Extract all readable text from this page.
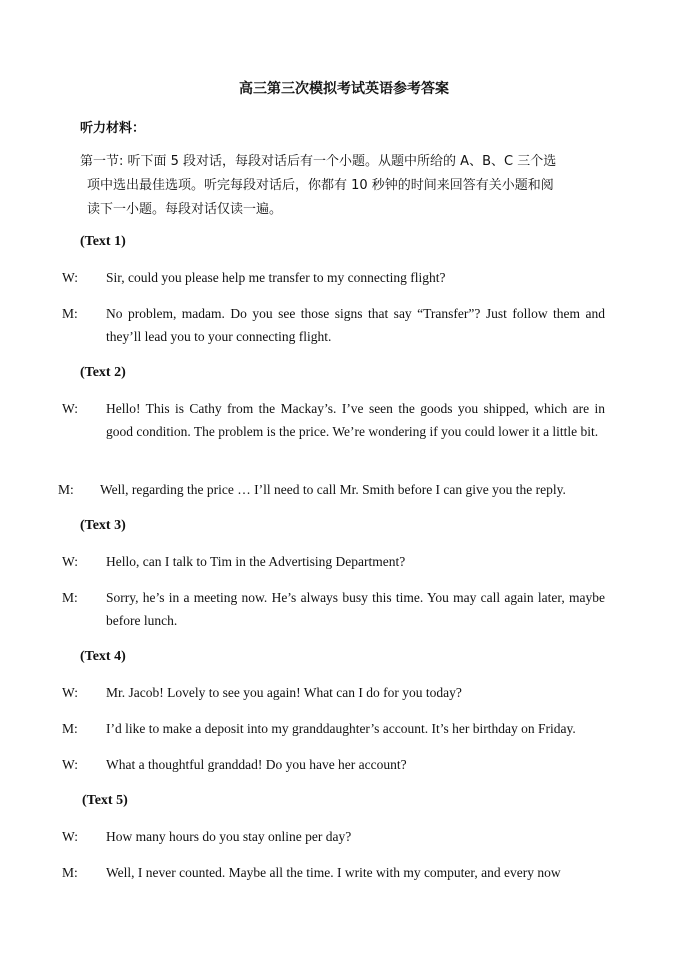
高三第三次模拟考试英语参考答案
听力材料：
第一节: 听下面 5 段对话，每段对话后有一个小题。从题中所给的 A、B、C 三个选
项中选出最佳选项。听完每段对话后，你都有 10 秒钟的时间来回答有关小题和阅
读下一小题。每段对话仅读一遍。
(Text 1)
W: Sir, could you please help me transfer to my connecting flight?
M: No problem, madam. Do you see those signs that say “Transfer”? Just follow them and they’ll lead you to your connecting flight.
(Text 2)
W: Hello! This is Cathy from the Mackay’s. I’ve seen the goods you shipped, which are in good condition. The problem is the price. We’re wondering if you could lower it a little bit.
M: Well, regarding the price … I’ll need to call Mr. Smith before I can give you the reply.
(Text 3)
W: Hello, can I talk to Tim in the Advertising Department?
M: Sorry, he’s in a meeting now. He’s always busy this time. You may call again later, maybe before lunch.
(Text 4)
W: Mr. Jacob! Lovely to see you again! What can I do for you today?
M: I’d like to make a deposit into my granddaughter’s account. It’s her birthday on Friday.
W: What a thoughtful granddad! Do you have her account?
(Text 5)
W: How many hours do you stay online per day?
M: Well, I never counted. Maybe all the time. I write with my computer, and every now
